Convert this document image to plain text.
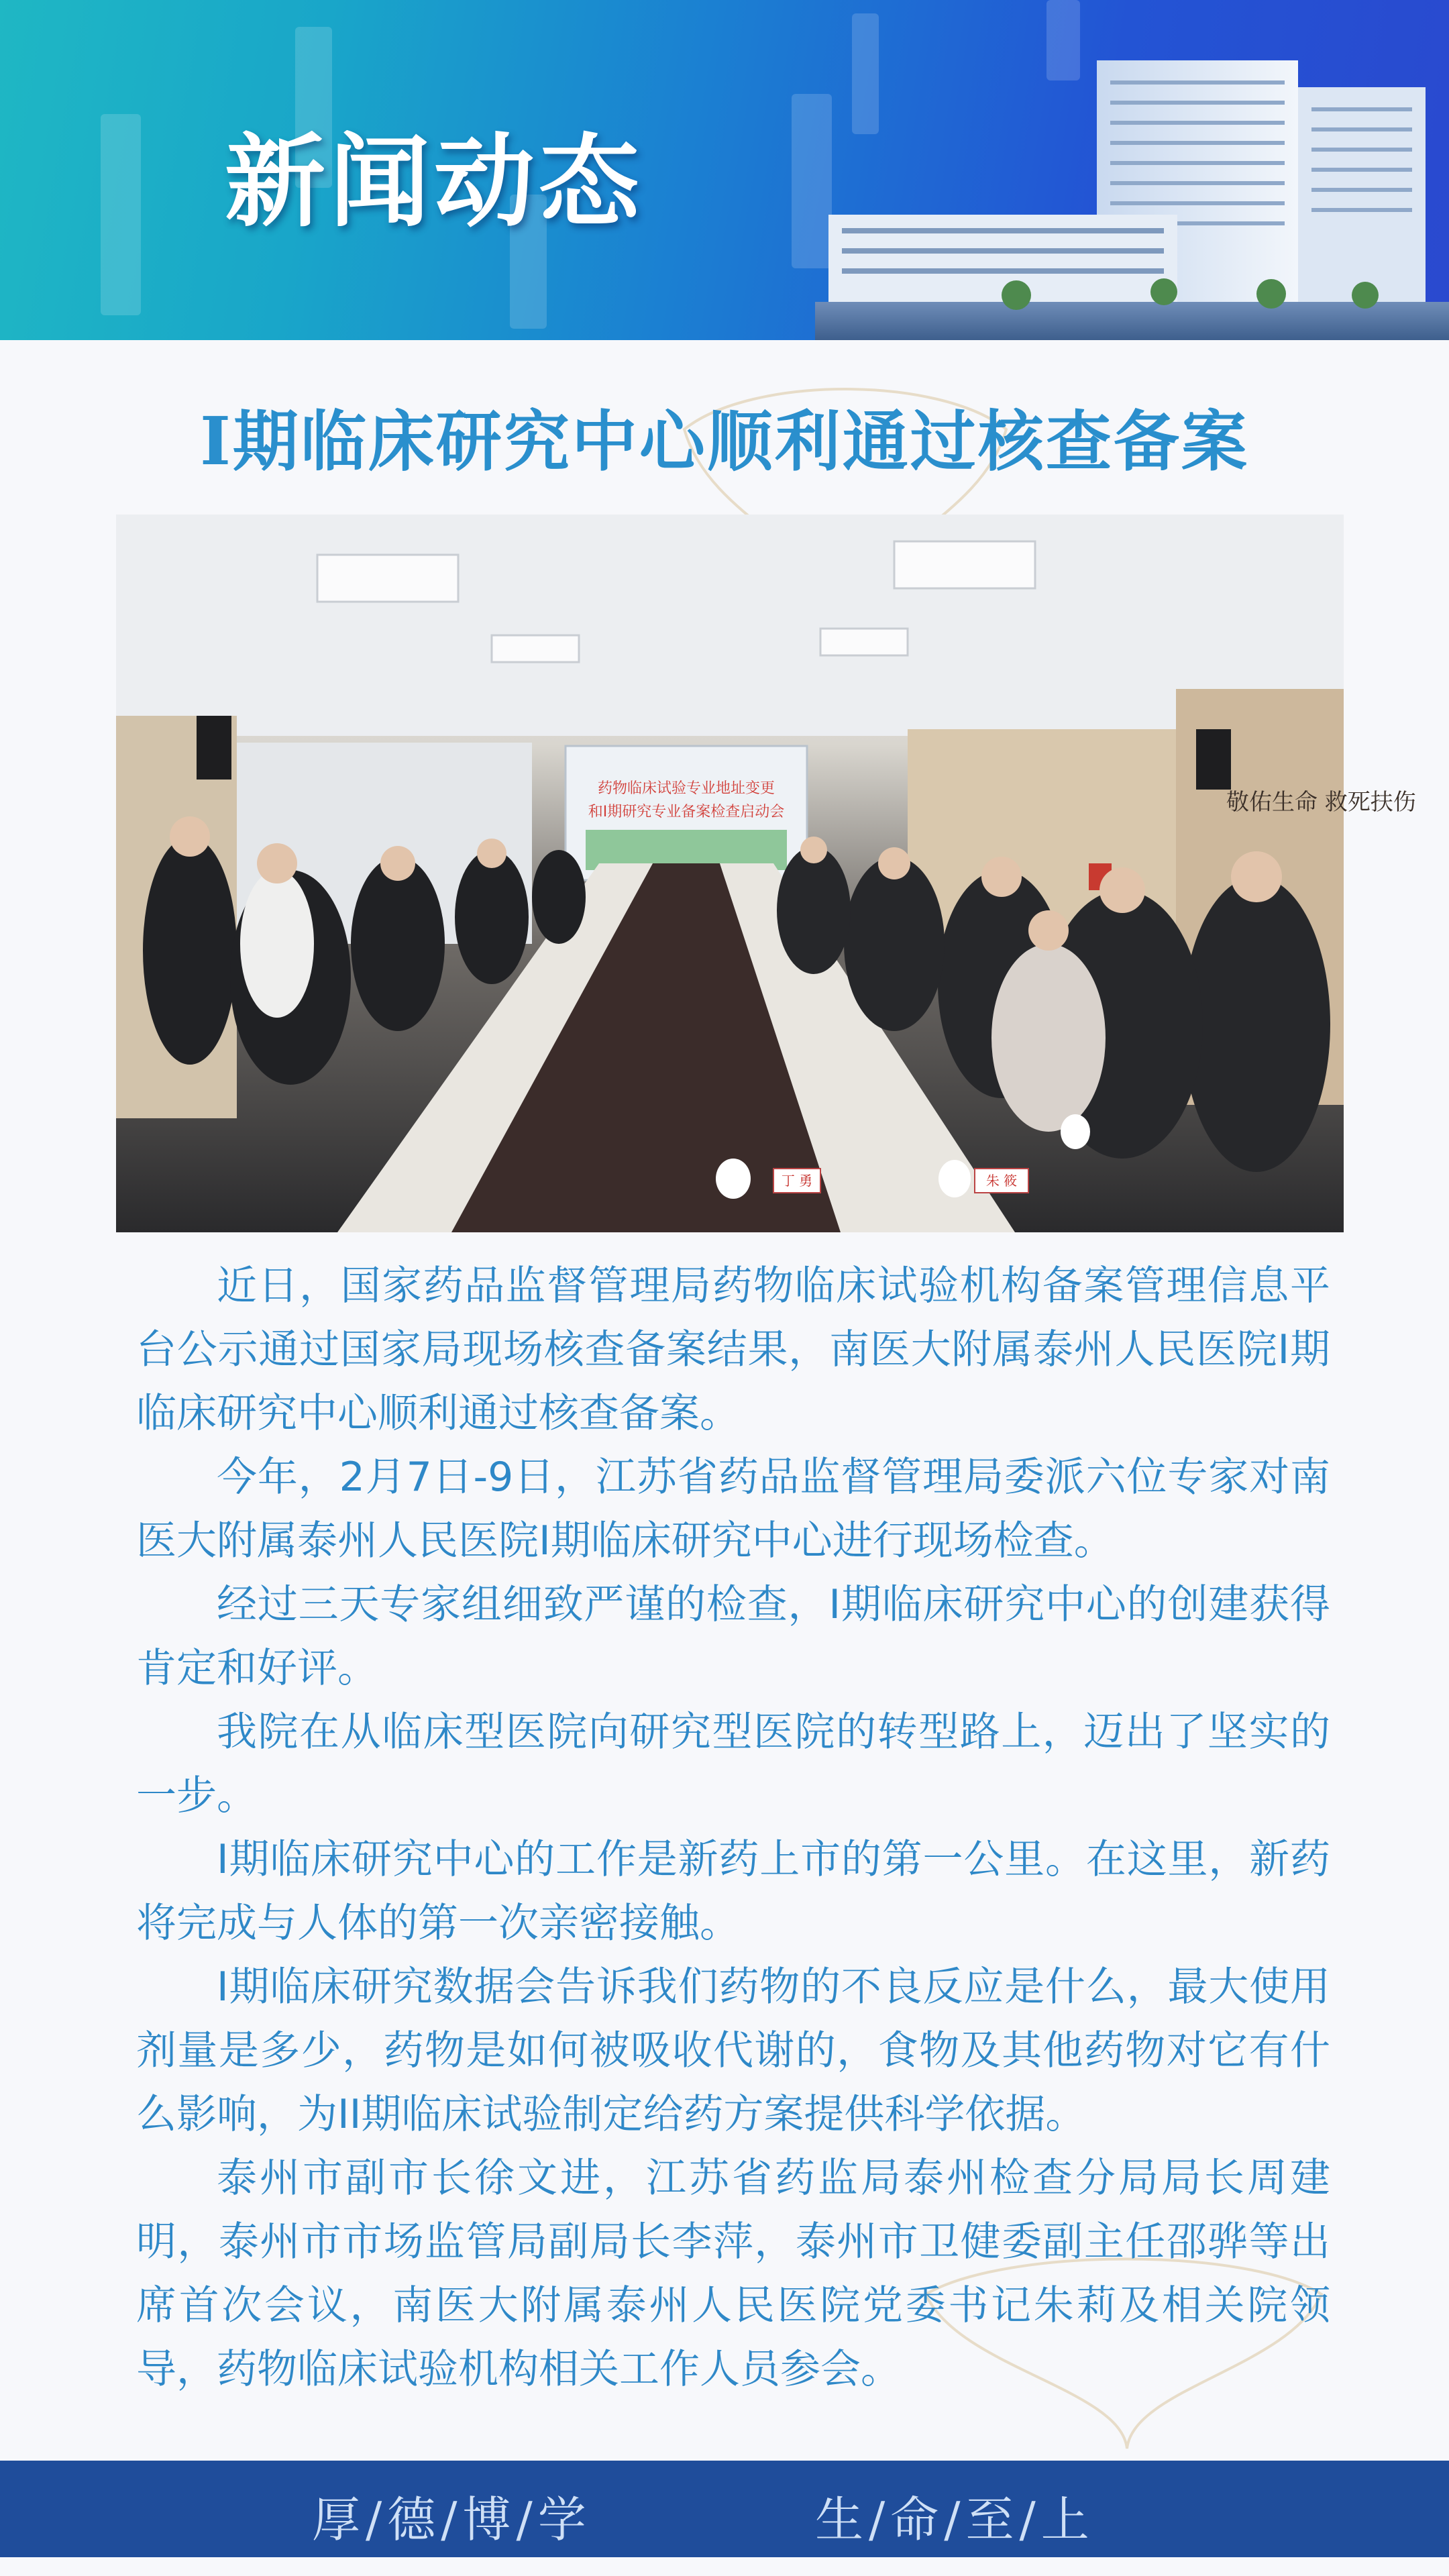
新闻动态
I期临床研究中心顺利通过核查备案
药物临床试验专业地址变更
和I期研究专业备案检查启动会	敬佑生命 救死扶伤
丁 勇	朱 筱

近日，国家药品监督管理局药物临床试验机构备案管理信息平台公示通过国家局现场核查备案结果，南医大附属泰州人民医院I期临床研究中心顺利通过核查备案。

今年，2月7日-9日，江苏省药品监督管理局委派六位专家对南医大附属泰州人民医院I期临床研究中心进行现场检查。

经过三天专家组细致严谨的检查，I期临床研究中心的创建获得肯定和好评。

我院在从临床型医院向研究型医院的转型路上，迈出了坚实的一步。

I期临床研究中心的工作是新药上市的第一公里。在这里，新药将完成与人体的第一次亲密接触。

I期临床研究数据会告诉我们药物的不良反应是什么，最大使用剂量是多少，药物是如何被吸收代谢的，食物及其他药物对它有什么影响，为II期临床试验制定给药方案提供科学依据。

泰州市副市长徐文进，江苏省药监局泰州检查分局局长周建明，泰州市市场监管局副局长李萍，泰州市卫健委副主任邵骅等出席首次会议，南医大附属泰州人民医院党委书记朱莉及相关院领导，药物临床试验机构相关工作人员参会。

厚/德/博/学	生/命/至/上
